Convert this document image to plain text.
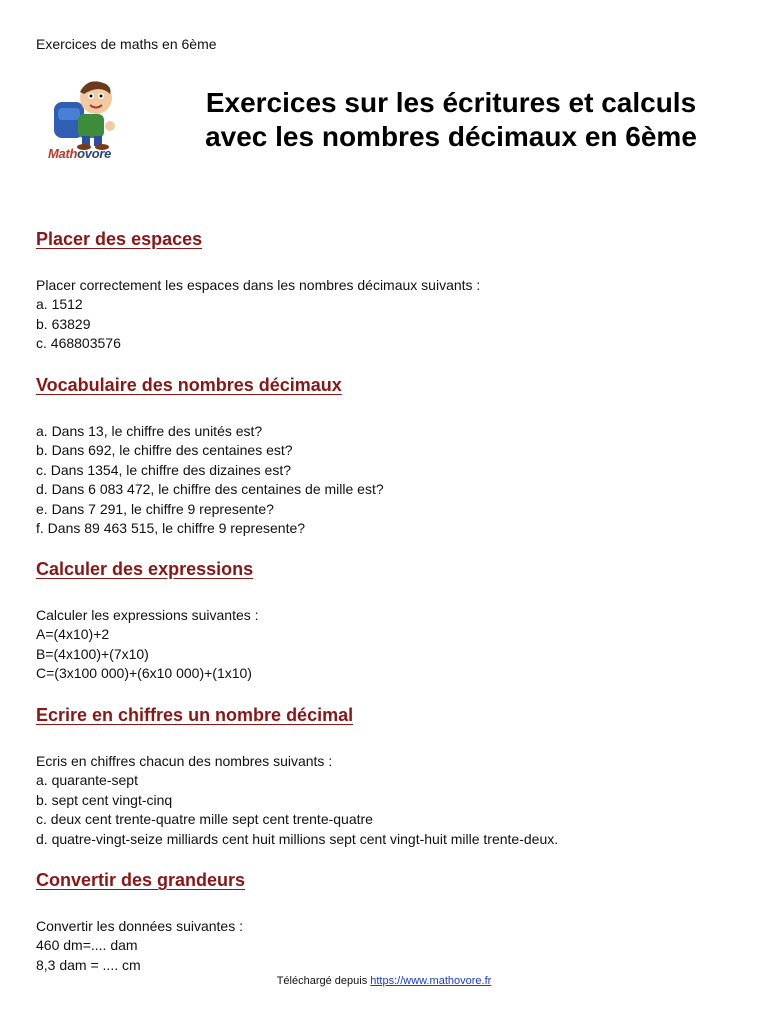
Exercices de maths en 6ème
Mathovore
Exercices sur les écritures et calculs
avec les nombres décimaux en 6ème
Placer des espaces
Placer correctement les espaces dans les nombres décimaux suivants :
a. 1512
b. 63829
c. 468803576
Vocabulaire des nombres décimaux
a. Dans 13, le chiffre des unités est?
b. Dans 692, le chiffre des centaines est?
c. Dans 1354, le chiffre des dizaines est?
d. Dans 6 083 472, le chiffre des centaines de mille est?
e. Dans 7 291, le chiffre 9 represente?
f. Dans 89 463 515, le chiffre 9 represente?
Calculer des expressions
Calculer les expressions suivantes :
A=(4x10)+2
B=(4x100)+(7x10)
C=(3x100 000)+(6x10 000)+(1x10)
Ecrire en chiffres un nombre décimal
Ecris en chiffres chacun des nombres suivants :
a. quarante-sept
b. sept cent vingt-cinq
c. deux cent trente-quatre mille sept cent trente-quatre
d. quatre-vingt-seize milliards cent huit millions sept cent vingt-huit mille trente-deux.
Convertir des grandeurs
Convertir les données suivantes :
460 dm=.... dam
8,3 dam = .... cm
Téléchargé depuis https://www.mathovore.fr
